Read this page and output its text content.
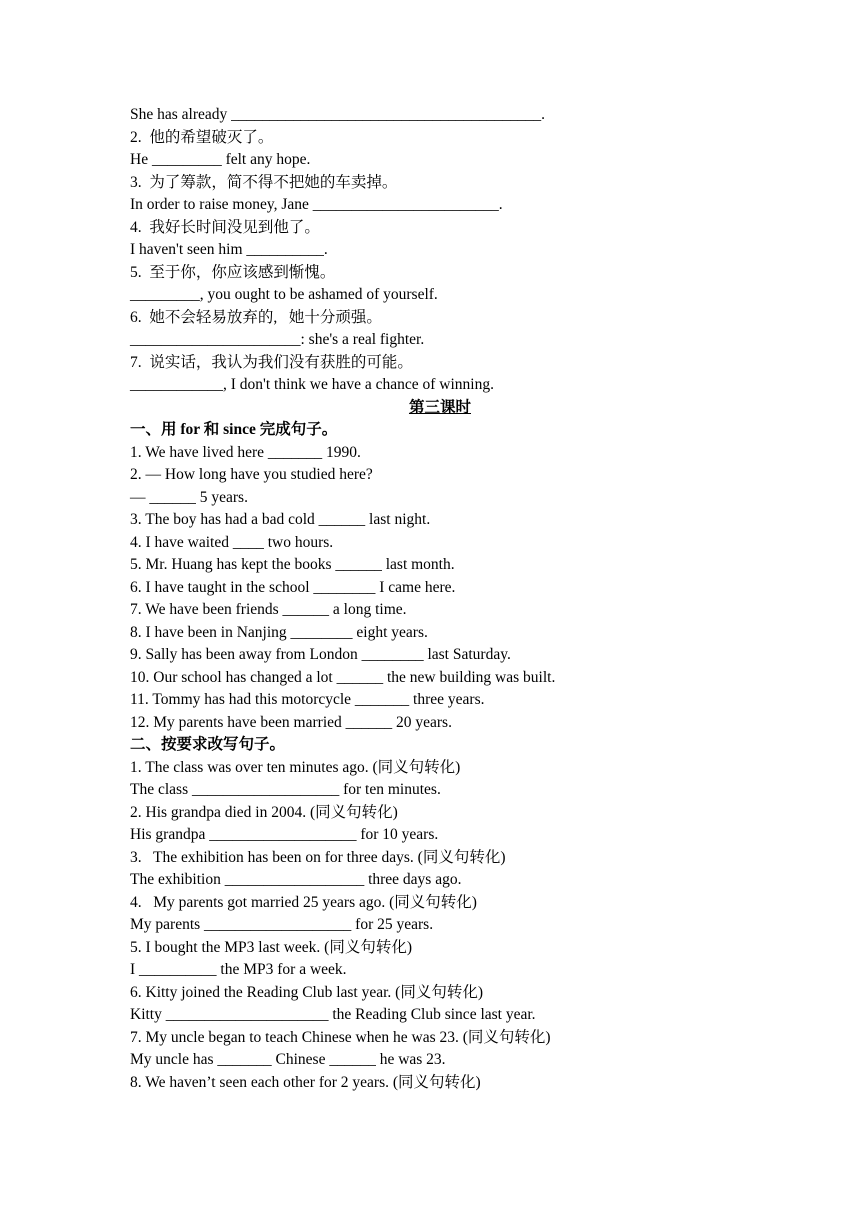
She has already ________________________________________.
2.  他的希望破灭了。
He _________ felt any hope.
3.  为了筹款，简不得不把她的车卖掉。
In order to raise money, Jane ________________________.
4.  我好长时间没见到他了。
I haven't seen him __________.
5.  至于你，你应该感到惭愧。
_________, you ought to be ashamed of yourself.
6.  她不会轻易放弃的,   她十分顽强。
______________________: she's a real fighter.
7.  说实话，我认为我们没有获胜的可能。
____________, I don't think we have a chance of winning.
第三课时
一、用 for 和 since 完成句子。
1. We have lived here _______ 1990.
2. — How long have you studied here?
— ______ 5 years.
3. The boy has had a bad cold ______ last night.
4. I have waited ____ two hours.
5. Mr. Huang has kept the books ______ last month.
6. I have taught in the school ________ I came here.
7. We have been friends ______ a long time.
8. I have been in Nanjing ________ eight years.
9. Sally has been away from London ________ last Saturday.
10. Our school has changed a lot ______ the new building was built.
11. Tommy has had this motorcycle _______ three years.
12. My parents have been married ______ 20 years.
二、按要求改写句子。
1. The class was over ten minutes ago. (同义句转化)
The class ___________________ for ten minutes.
2. His grandpa died in 2004. (同义句转化)
His grandpa ___________________ for 10 years.
3.   The exhibition has been on for three days. (同义句转化)
The exhibition __________________ three days ago.
4.   My parents got married 25 years ago. (同义句转化)
My parents ___________________ for 25 years.
5. I bought the MP3 last week. (同义句转化)
I __________ the MP3 for a week.
6. Kitty joined the Reading Club last year. (同义句转化)
Kitty _____________________ the Reading Club since last year.
7. My uncle began to teach Chinese when he was 23. (同义句转化)
My uncle has _______ Chinese ______ he was 23.
8. We haven’t seen each other for 2 years. (同义句转化)
